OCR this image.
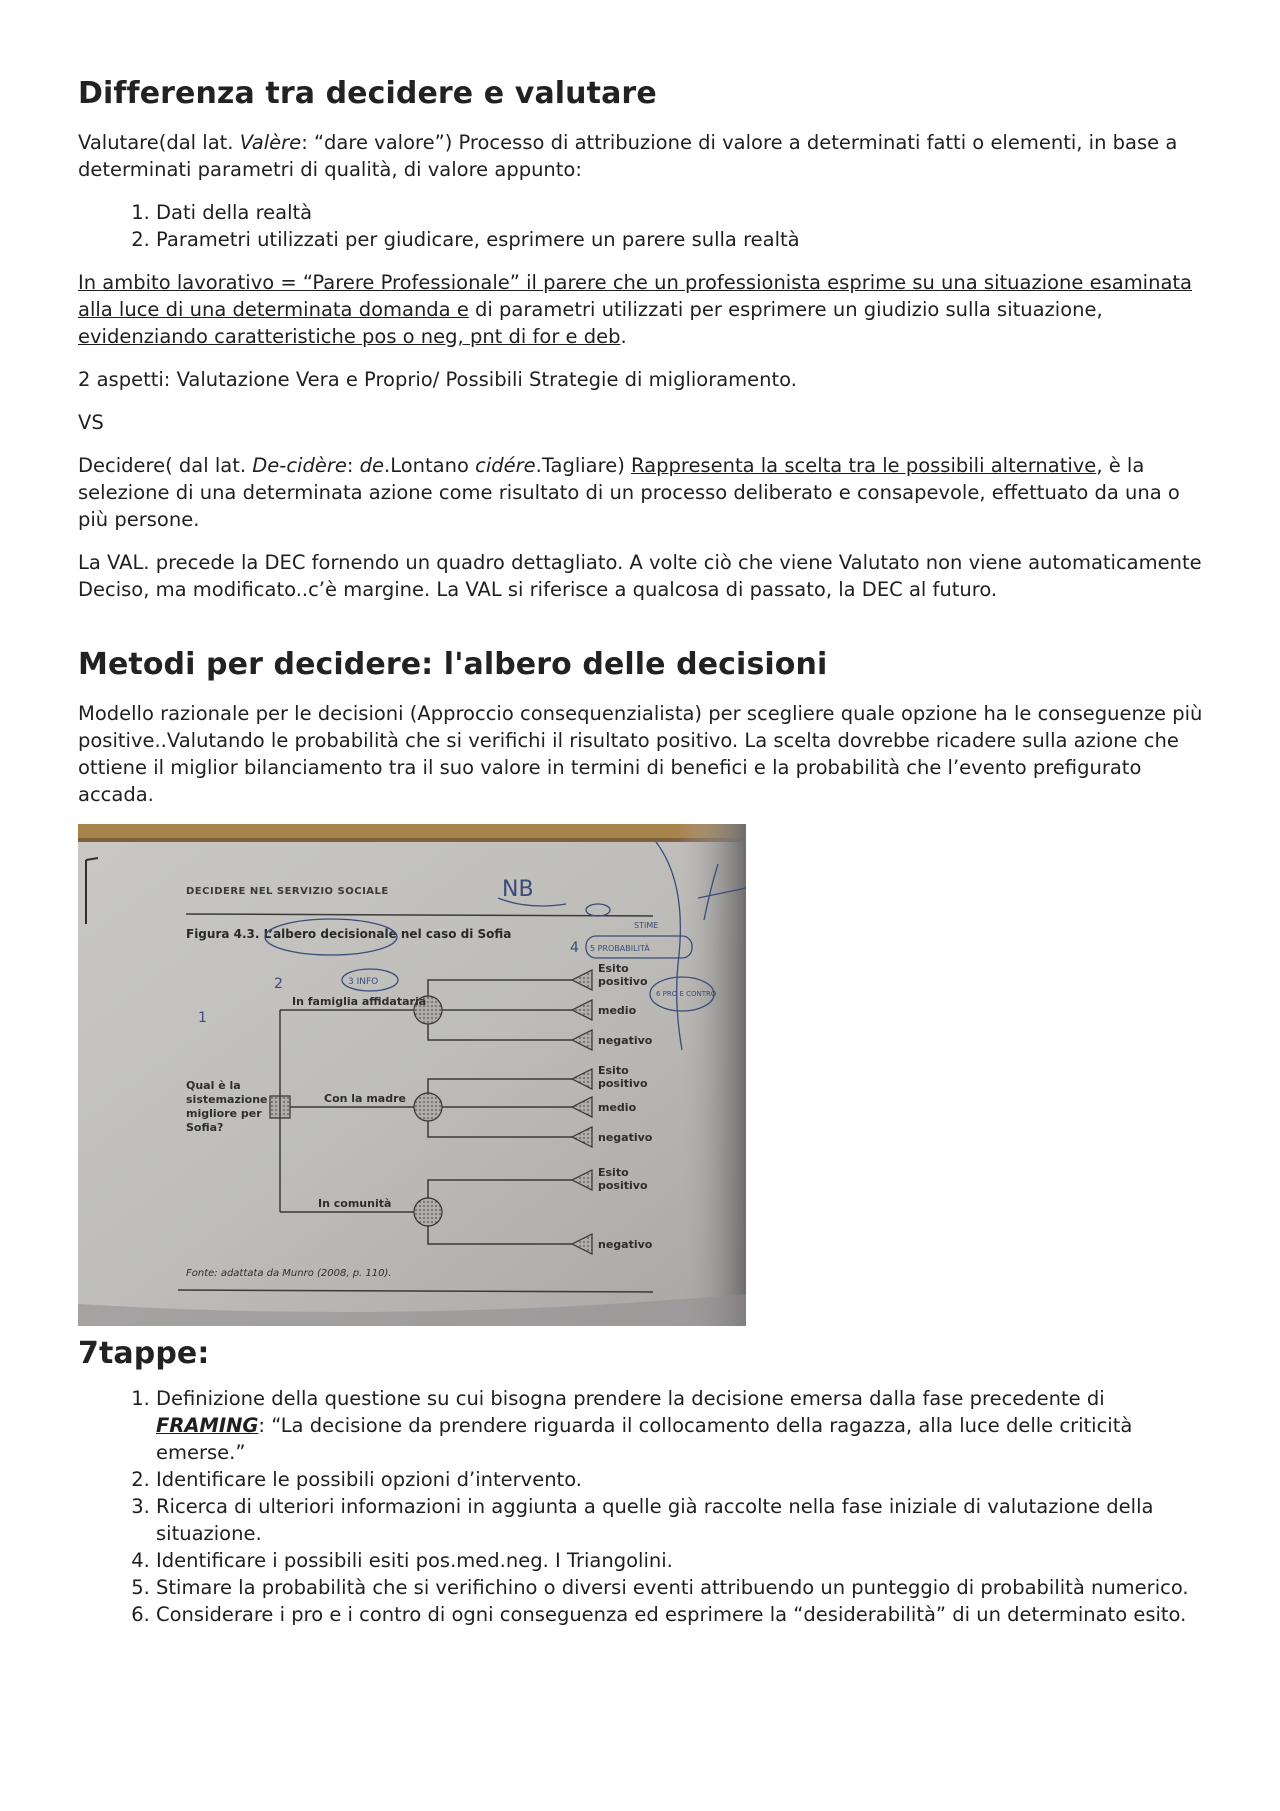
Differenza tra decidere e valutare

Valutare(dal lat. Valère: “dare valore”) Processo di attribuzione di valore a determinati fatti o elementi, in base a determinati parametri di qualità, di valore appunto:

1. Dati della realtà
2. Parametri utilizzati per giudicare, esprimere un parere sulla realtà

In ambito lavorativo = “Parere Professionale” il parere che un professionista esprime su una situazione esaminata alla luce di una determinata domanda e di parametri utilizzati per esprimere un giudizio sulla situazione, evidenziando caratteristiche pos o neg, pnt di for e deb.

2 aspetti: Valutazione Vera e Proprio/ Possibili Strategie di miglioramento.

VS

Decidere( dal lat. De-cidère: de.Lontano cidére.Tagliare) Rappresenta la scelta tra le possibili alternative, è la selezione di una determinata azione come risultato di un processo deliberato e consapevole, effettuato da una o più persone.

La VAL. precede la DEC fornendo un quadro dettagliato. A volte ciò che viene Valutato non viene automaticamente Deciso, ma modificato..c’è margine. La VAL si riferisce a qualcosa di passato, la DEC al futuro.

Metodi per decidere: l'albero delle decisioni

Modello razionale per le decisioni (Approccio consequenzialista) per scegliere quale opzione ha le conseguenze più positive..Valutando le probabilità che si verifichi il risultato positivo. La scelta dovrebbe ricadere sulla azione che ottiene il miglior bilanciamento tra il suo valore in termini di benefici e la probabilità che l’evento prefigurato accada.

DECIDERE NEL SERVIZIO SOCIALE
Figura 4.3. L’albero decisionale nel caso di Sofia
Qual è la sistemazione migliore per Sofia?
In famiglia affidataria
Con la madre
In comunità
Esito
positivo
medio
negativo
Esito
positivo
medio
negativo
Esito
positivo
negativo
Fonte: adattata da Munro (2008, p. 110).
NB
1
2	3 INFO
4
STIME
5 PROBABILITÀ
6 PRO E CONTRO
7tappe:
1. Definizione della questione su cui bisogna prendere la decisione emersa dalla fase precedente di FRAMING: “La decisione da prendere riguarda il collocamento della ragazza, alla luce delle criticità emerse.”
2. Identificare le possibili opzioni d’intervento.
3. Ricerca di ulteriori informazioni in aggiunta a quelle già raccolte nella fase iniziale di valutazione della situazione.
4. Identificare i possibili esiti pos.med.neg. I Triangolini.
5. Stimare la probabilità che si verifichino o diversi eventi attribuendo un punteggio di probabilità numerico.
6. Considerare i pro e i contro di ogni conseguenza ed esprimere la “desiderabilità” di un determinato esito.
